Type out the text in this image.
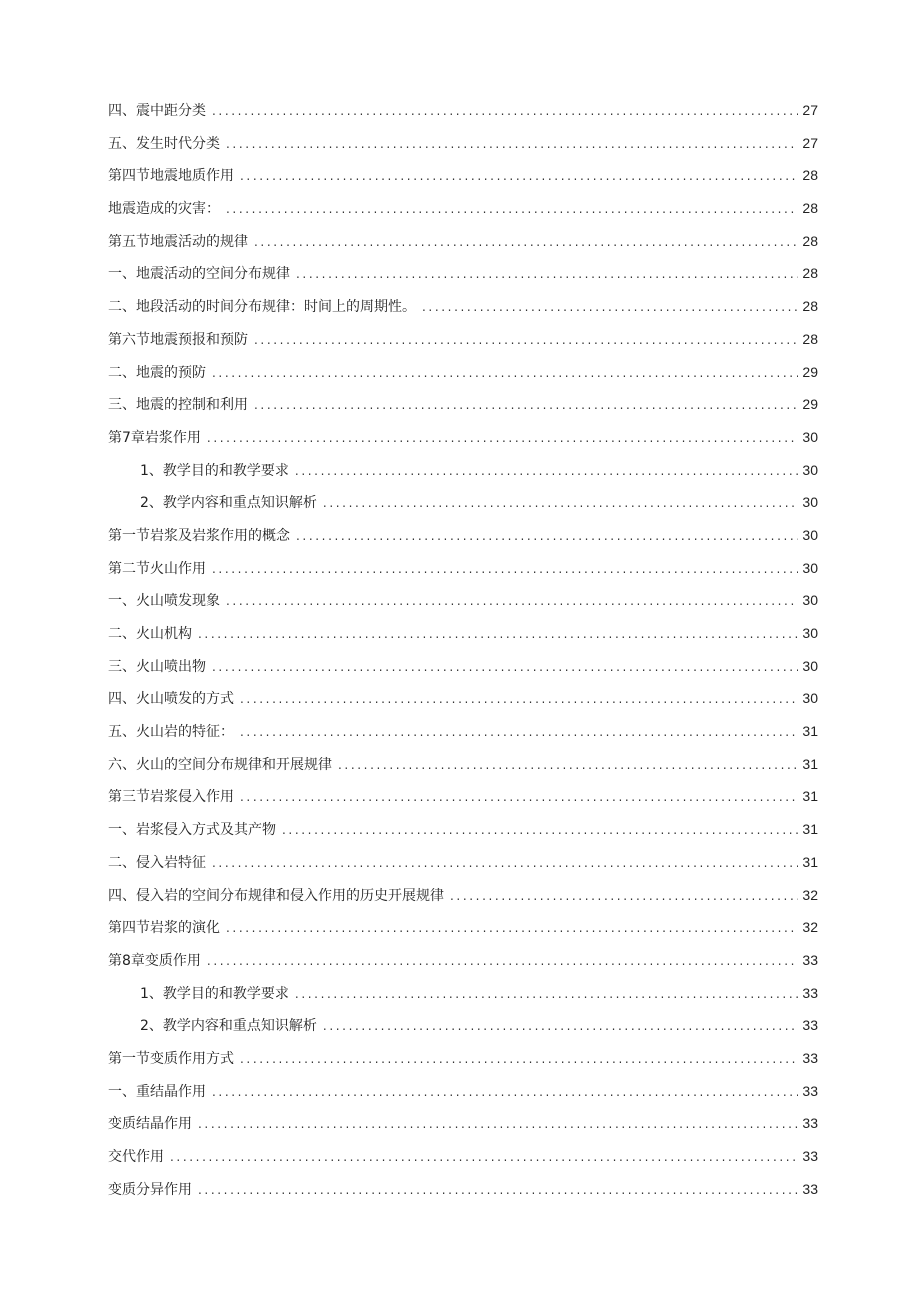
四、震中距分类 .....	27
五、发生时代分类 .....	27
第四节地震地质作用 .....	28
地震造成的灾害： .....	28
第五节地震活动的规律 .....	28
一、地震活动的空间分布规律 .....	28
二、地段活动的时间分布规律：时间上的周期性。 .....	28
第六节地震预报和预防 .....	28
二、地震的预防 .....	29
三、地震的控制和利用 .....	29
第7章岩浆作用 .....	30
1、教学目的和教学要求 .....	30
2、教学内容和重点知识解析 .....	30
第一节岩浆及岩浆作用的概念 .....	30
第二节火山作用 .....	30
一、火山喷发现象 .....	30
二、火山机构 .....	30
三、火山喷出物 .....	30
四、火山喷发的方式 .....	30
五、火山岩的特征： .....	31
六、火山的空间分布规律和开展规律 .....	31
第三节岩浆侵入作用 .....	31
一、岩浆侵入方式及其产物 .....	31
二、侵入岩特征 .....	31
四、侵入岩的空间分布规律和侵入作用的历史开展规律 .....	32
第四节岩浆的演化 .....	32
第8章变质作用 .....	33
1、教学目的和教学要求 .....	33
2、教学内容和重点知识解析 .....	33
第一节变质作用方式 .....	33
一、重结晶作用 .....	33
变质结晶作用 .....	33
交代作用 .....	33
变质分异作用 .....	33
